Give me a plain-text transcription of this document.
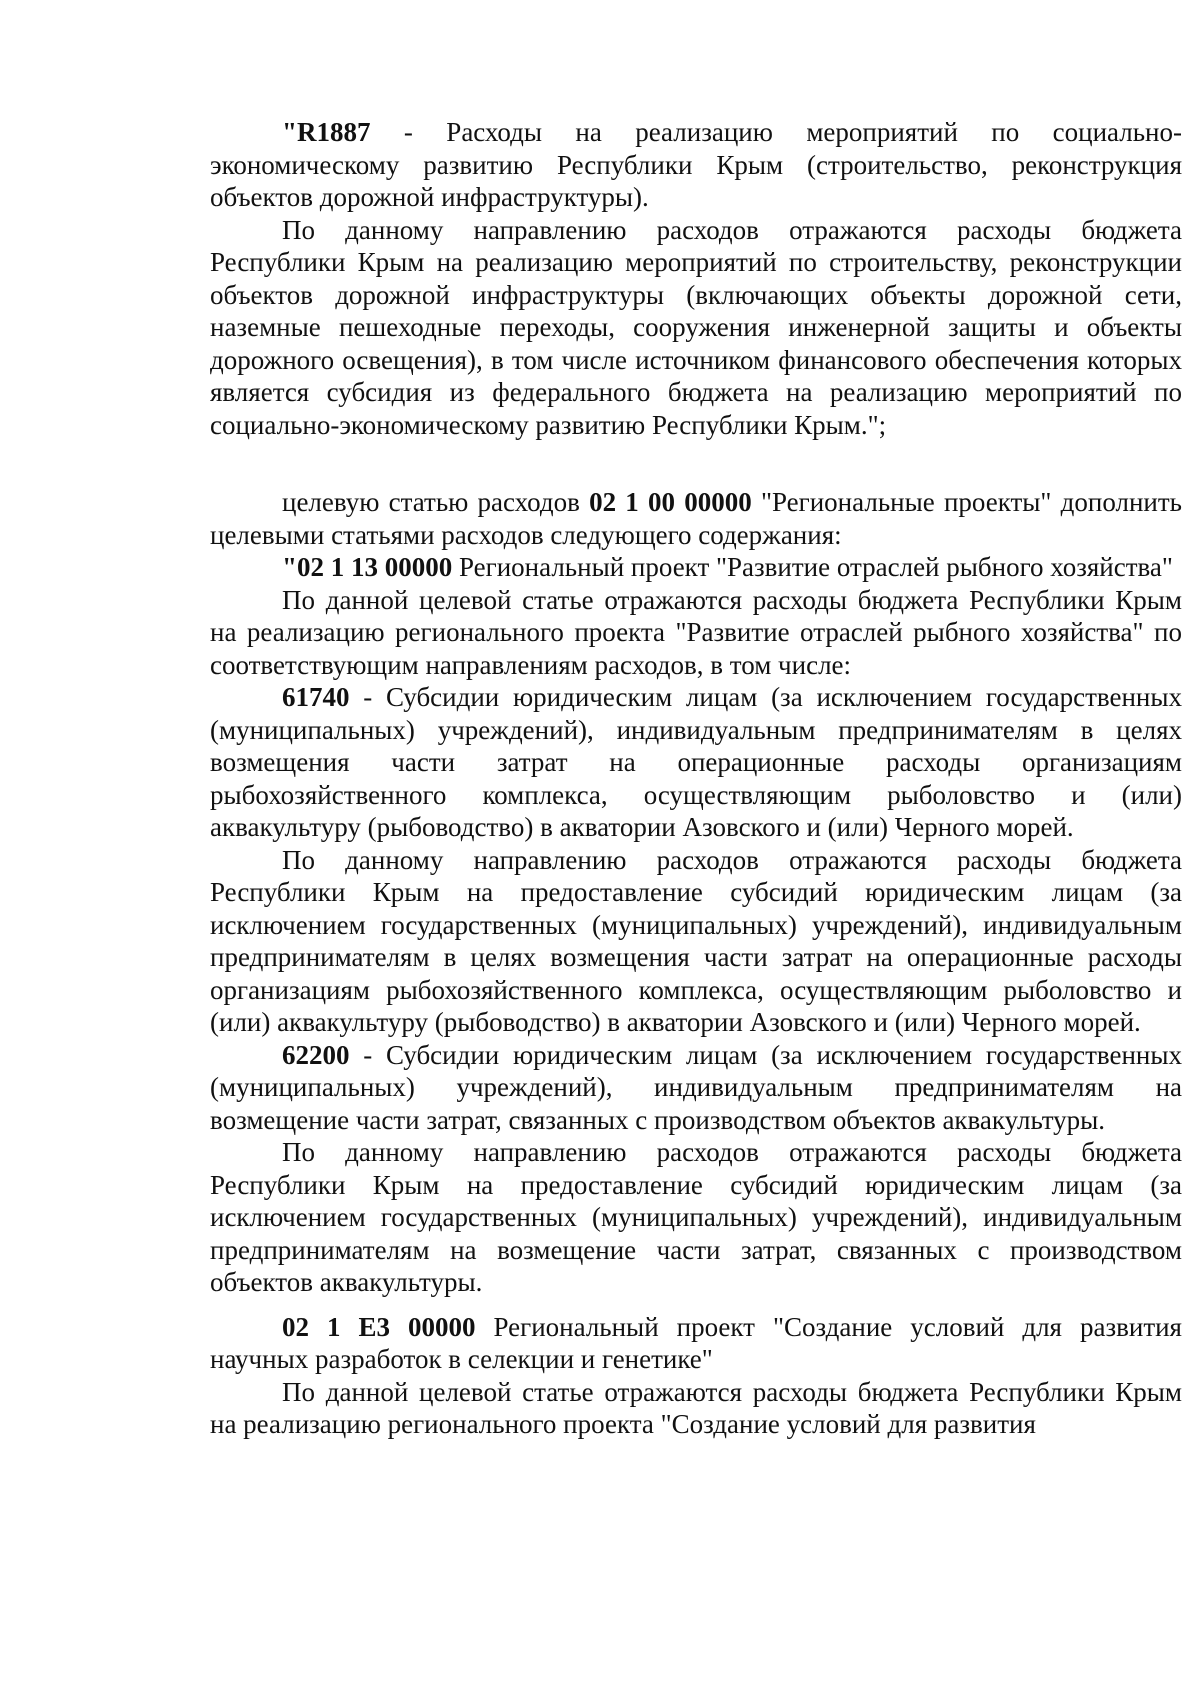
"R1887 - Расходы на реализацию мероприятий по социально-экономическому развитию Республики Крым (строительство, реконструкция объектов дорожной инфраструктуры).

По данному направлению расходов отражаются расходы бюджета Республики Крым на реализацию мероприятий по строительству, реконструкции объектов дорожной инфраструктуры (включающих объекты дорожной сети, наземные пешеходные переходы, сооружения инженерной защиты и объекты дорожного освещения), в том числе источником финансового обеспечения которых является субсидия из федерального бюджета на реализацию мероприятий по социально-экономическому развитию Республики Крым.";

целевую статью расходов 02 1 00 00000 "Региональные проекты" дополнить целевыми статьями расходов следующего содержания:

"02 1 13 00000 Региональный проект "Развитие отраслей рыбного хозяйства"

По данной целевой статье отражаются расходы бюджета Республики Крым на реализацию регионального проекта "Развитие отраслей рыбного хозяйства" по соответствующим направлениям расходов, в том числе:

61740 - Субсидии юридическим лицам (за исключением государственных (муниципальных) учреждений), индивидуальным предпринимателям в целях возмещения части затрат на операционные расходы организациям рыбохозяйственного комплекса, осуществляющим рыболовство и (или) аквакультуру (рыбоводство) в акватории Азовского и (или) Черного морей.

По данному направлению расходов отражаются расходы бюджета Республики Крым на предоставление субсидий юридическим лицам (за исключением государственных (муниципальных) учреждений), индивидуальным предпринимателям в целях возмещения части затрат на операционные расходы организациям рыбохозяйственного комплекса, осуществляющим рыболовство и (или) аквакультуру (рыбоводство) в акватории Азовского и (или) Черного морей.

62200 - Субсидии юридическим лицам (за исключением государственных (муниципальных) учреждений), индивидуальным предпринимателям на возмещение части затрат, связанных с производством объектов аквакультуры.

По данному направлению расходов отражаются расходы бюджета Республики Крым на предоставление субсидий юридическим лицам (за исключением государственных (муниципальных) учреждений), индивидуальным предпринимателям на возмещение части затрат, связанных с производством объектов аквакультуры.

02 1 E3 00000 Региональный проект "Создание условий для развития научных разработок в селекции и генетике"

По данной целевой статье отражаются расходы бюджета Республики Крым на реализацию регионального проекта "Создание условий для развития
